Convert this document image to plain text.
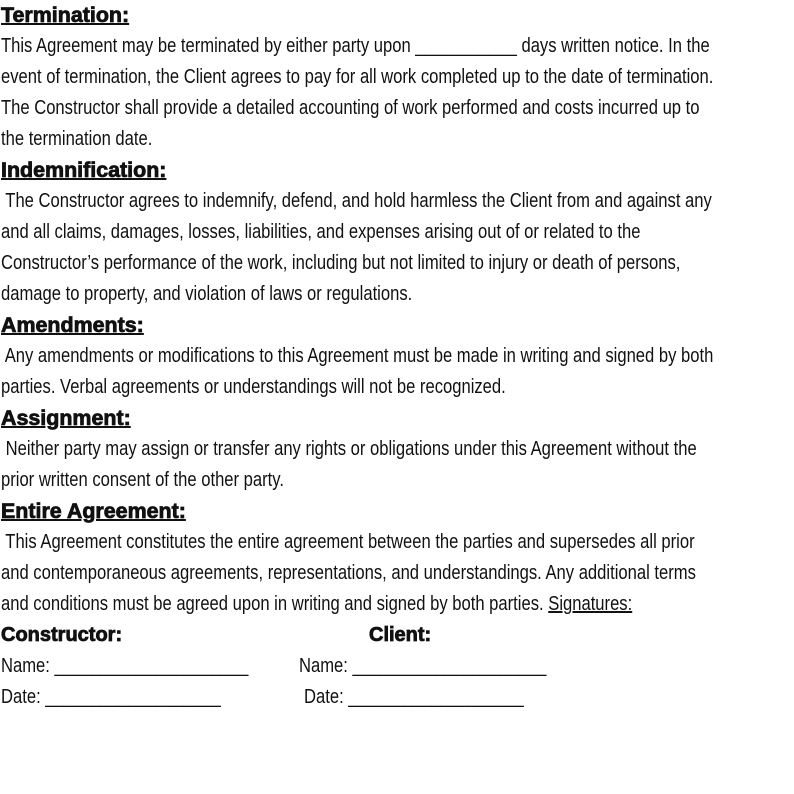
Termination:
This Agreement may be terminated by either party upon ___________ days written notice. In the
event of termination, the Client agrees to pay for all work completed up to the date of termination.
The Constructor shall provide a detailed accounting of work performed and costs incurred up to
the termination date.
Indemnification:
The Constructor agrees to indemnify, defend, and hold harmless the Client from and against any
and all claims, damages, losses, liabilities, and expenses arising out of or related to the
Constructor’s performance of the work, including but not limited to injury or death of persons,
damage to property, and violation of laws or regulations.
Amendments:
Any amendments or modifications to this Agreement must be made in writing and signed by both
parties. Verbal agreements or understandings will not be recognized.
Assignment:
Neither party may assign or transfer any rights or obligations under this Agreement without the
prior written consent of the other party.
Entire Agreement:
This Agreement constitutes the entire agreement between the parties and supersedes all prior
and contemporaneous agreements, representations, and understandings. Any additional terms
and conditions must be agreed upon in writing and signed by both parties. Signatures:
Constructor:	Client:
Name: _____________________	Name: _____________________
Date: ___________________	Date: ___________________
